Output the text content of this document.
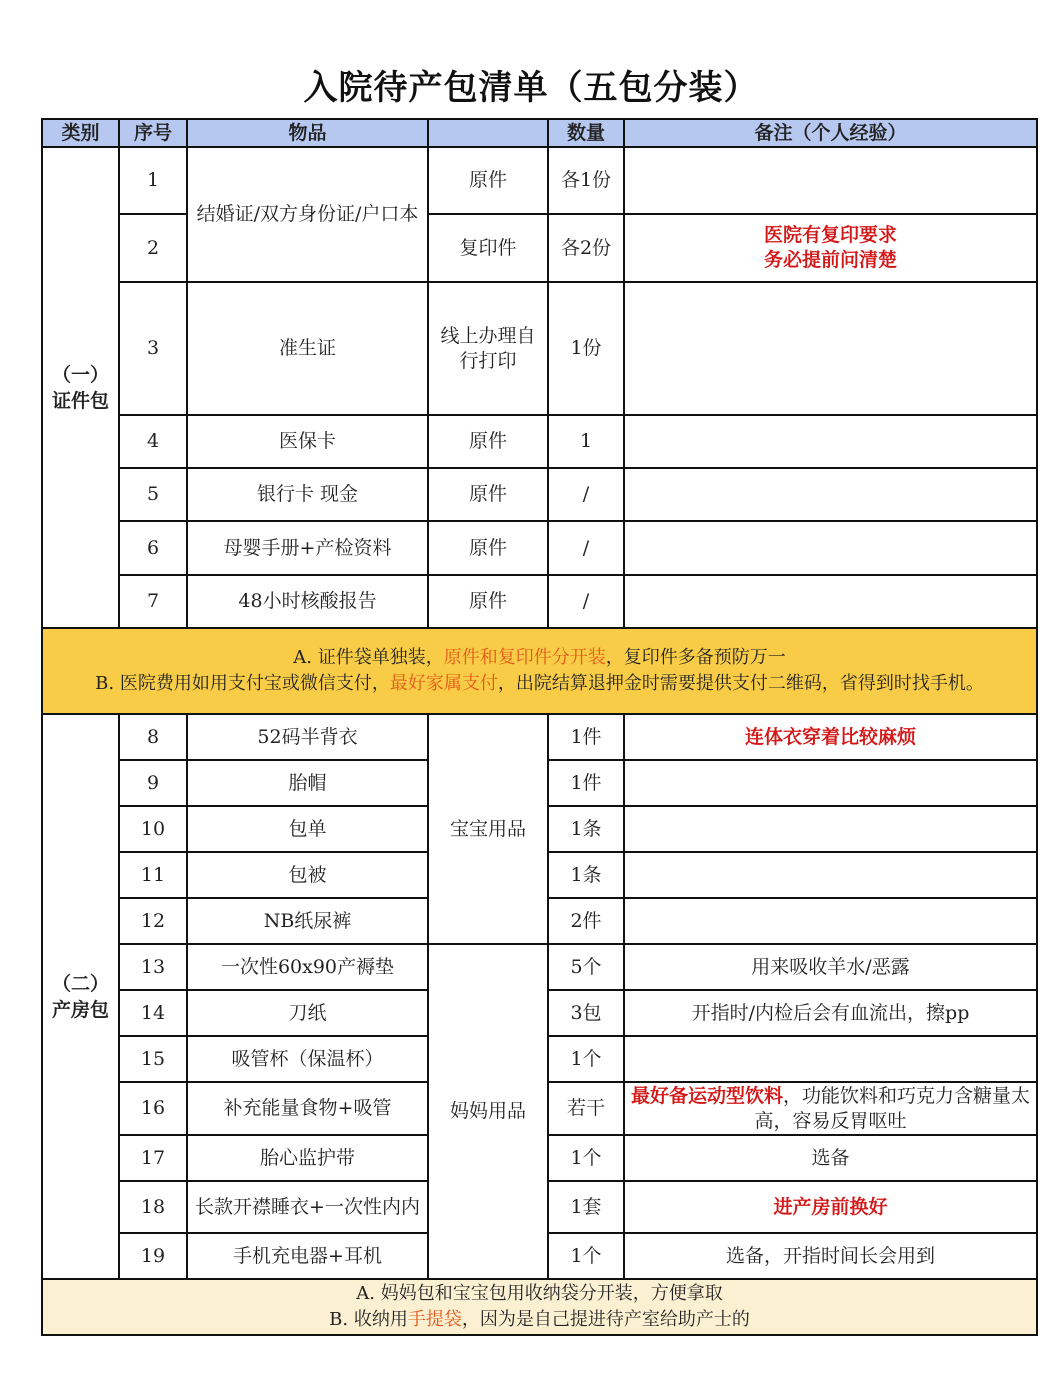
入院待产包清单（五包分装）
类别	序号	物品		数量	备注（个人经验）

（一）
证件包	1	结婚证/双方身份证/户口本	原件	各1份	
	2		复印件	各2份	医院有复印要求
务必提前问清楚

	3	准生证	线上办理自行打印	1份	
	4	医保卡	原件	1	
	5	银行卡 现金	原件	/	
	6	母婴手册+产检资料	原件	/	
	7	48小时核酸报告	原件	/	

A. 证件袋单独装，原件和复印件分开装，复印件多备预防万一
B. 医院费用如用支付宝或微信支付，最好家属支付，出院结算退押金时需要提供支付二维码，省得到时找手机。					

（二）
产房包	8	52码半背衣	宝宝用品	1件	连体衣穿着比较麻烦
	9	胎帽		1件	
	10	包单		1条	
	11	包被		1条	
	12	NB纸尿裤		2件	
	13	一次性60x90产褥垫	妈妈用品	5个	用来吸收羊水/恶露
	14	刀纸		3包	开指时/内检后会有血流出，擦pp
	15	吸管杯（保温杯）		1个	
	16	补充能量食物+吸管		若干	最好备运动型饮料，功能饮料和巧克力含糖量太高，容易反胃呕吐
	17	胎心监护带		1个	选备
	18	长款开襟睡衣+一次性内内		1套	进产房前换好
	19	手机充电器+耳机		1个	选备，开指时间长会用到

A. 妈妈包和宝宝包用收纳袋分开装，方便拿取
B. 收纳用手提袋，因为是自己提进待产室给助产士的					
